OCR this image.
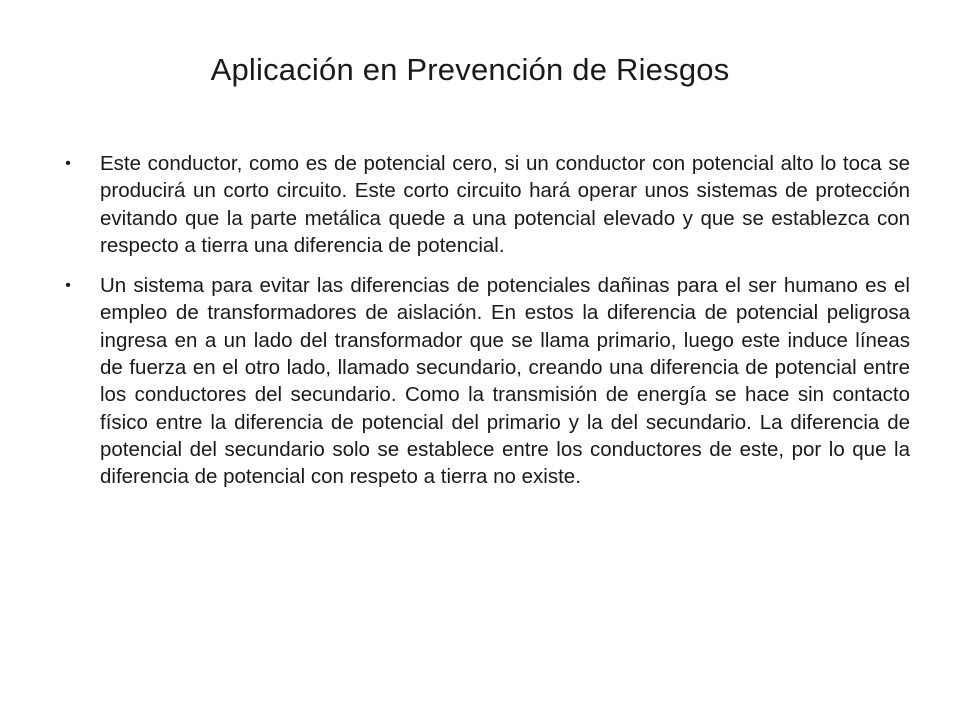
Aplicación en Prevención de Riesgos
• Este conductor, como es de potencial cero, si un conductor con potencial alto lo toca se producirá un corto circuito. Este corto circuito hará operar unos sistemas de protección evitando que la parte metálica quede a una potencial elevado y que se establezca con respecto a tierra una diferencia de potencial.
• Un sistema para evitar las diferencias de potenciales dañinas para el ser humano es el empleo de transformadores de aislación. En estos la diferencia de potencial peligrosa ingresa en a un lado del transformador que se llama primario, luego este induce líneas de fuerza en el otro lado, llamado secundario, creando una diferencia de potencial entre los conductores del secundario. Como la transmisión de energía se hace sin contacto físico entre la diferencia de potencial del primario y la del secundario. La diferencia de potencial del secundario solo se establece entre los conductores de este, por lo que la diferencia de potencial con respeto a tierra no existe.
